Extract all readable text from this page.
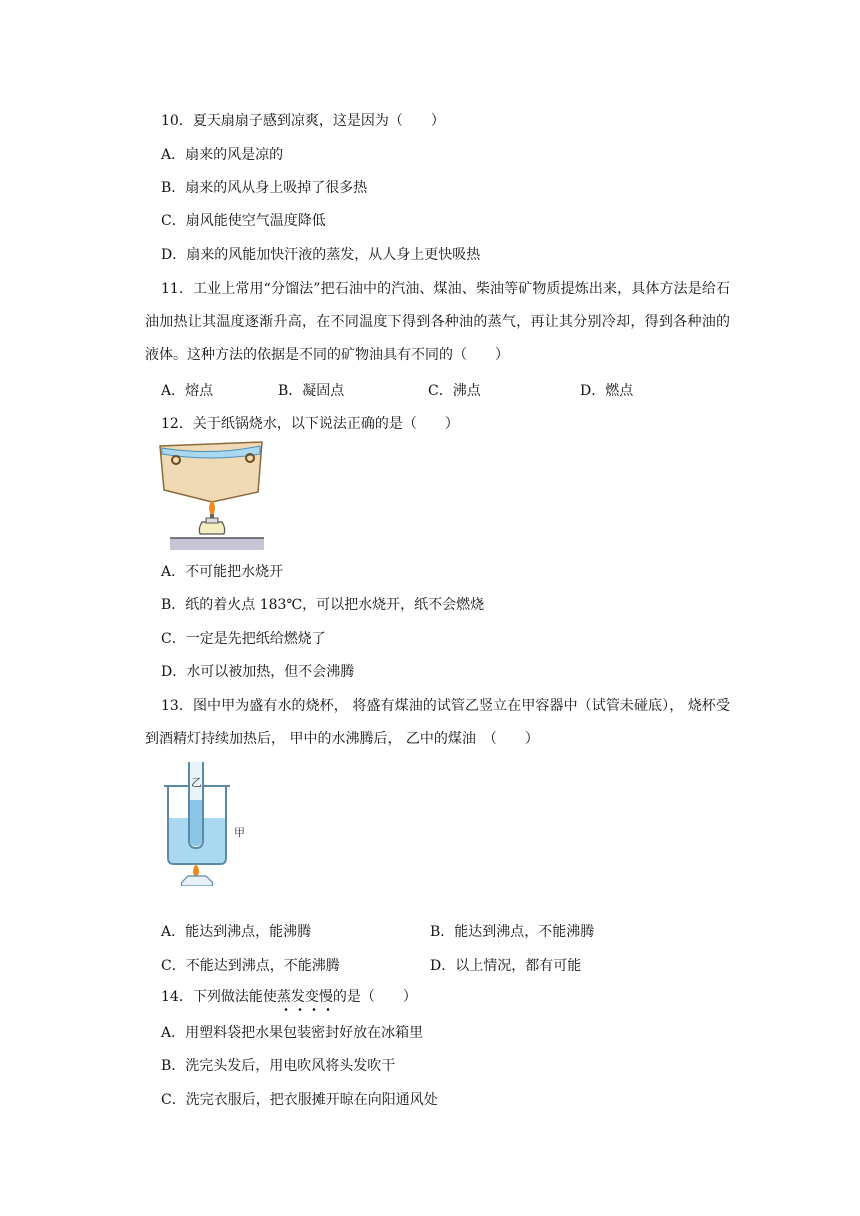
10．夏天扇扇子感到凉爽，这是因为（　　）
A．扇来的风是凉的
B．扇来的风从身上吸掉了很多热
C．扇风能使空气温度降低
D．扇来的风能加快汗液的蒸发，从人身上更快吸热
11．工业上常用“分馏法”把石油中的汽油、煤油、柴油等矿物质提炼出来，具体方法是给石油加热让其温度逐渐升高，在不同温度下得到各种油的蒸气，再让其分别冷却，得到各种油的液体。这种方法的依据是不同的矿物油具有不同的（　　）
A．熔点	B．凝固点	C．沸点	D．燃点
12．关于纸锅烧水，以下说法正确的是（　　）
A．不可能把水烧开
B．纸的着火点 183℃，可以把水烧开，纸不会燃烧
C．一定是先把纸给燃烧了
D．水可以被加热，但不会沸腾
13．图中甲为盛有水的烧杯， 将盛有煤油的试管乙竖立在甲容器中（试管未碰底）， 烧杯受到酒精灯持续加热后， 甲中的水沸腾后， 乙中的煤油　（　　）
乙
甲
A．能达到沸点，能沸腾	B．能达到沸点，不能沸腾
C．不能达到沸点，不能沸腾	D．以上情况，都有可能
14．下列做法能使蒸发变慢的是（　　）
A．用塑料袋把水果包装密封好放在冰箱里
B．洗完头发后，用电吹风将头发吹干
C．洗完衣服后，把衣服摊开晾在向阳通风处
